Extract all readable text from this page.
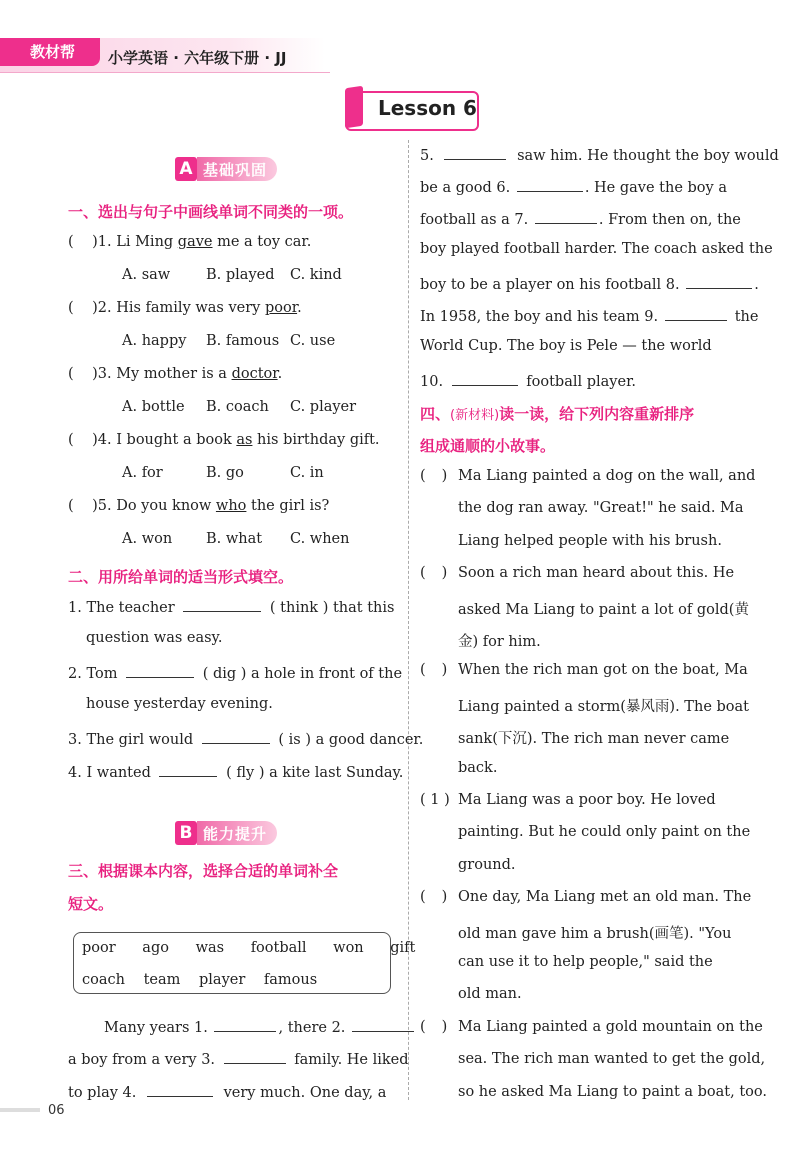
教材帮 小学英语 · 六年级下册 · JJ
Lesson 6
A 基础巩固
一、选出与句子中画线单词不同类的一项。
(    )1. Li Ming gave me a toy car.
A. saw B. played C. kind
(    )2. His family was very poor.
A. happy B. famous C. use
(    )3. My mother is a doctor.
A. bottle B. coach C. player
(    )4. I bought a book as his birthday gift.
A. for	B. go	C. in
(    )5. Do you know who the girl is?
A. won B. what C. when
二、用所给单词的适当形式填空。
1. The teacher	( think ) that this
question was easy.
2. Tom	( dig ) a hole in front of the
house yesterday evening.
3. The girl would	( is ) a good dancer.
4. I wanted	( fly ) a kite last Sunday.
B 能力提升
三、根据课本内容，选择合适的单词补全
短文。
poor ago was football won gift
coach team player famous
Many years 1.	, there 2.
a boy from a very 3.	family. He liked
to play 4.	very much. One day, a
5.	saw him. He thought the boy would
be a good 6.	. He gave the boy a
football as a 7.	. From then on, the
boy played football harder. The coach asked the
boy to be a player on his football 8.	.
In 1958, the boy and his team 9.	the
World Cup. The boy is Pele — the world
10.	football player.
四、(新材料)读一读，给下列内容重新排序
组成通顺的小故事。
( ) Ma Liang painted a dog on the wall, and
the dog ran away. "Great!" he said. Ma
Liang helped people with his brush.
( ) Soon a rich man heard about this. He
asked Ma Liang to paint a lot of gold(黄
金) for him.
( ) When the rich man got on the boat, Ma
Liang painted a storm(暴风雨). The boat
sank(下沉). The rich man never came
back.
( 1 ) Ma Liang was a poor boy. He loved
painting. But he could only paint on the
ground.
( ) One day, Ma Liang met an old man. The
old man gave him a brush(画笔). "You
can use it to help people," said the
old man.
( ) Ma Liang painted a gold mountain on the
sea. The rich man wanted to get the gold,
so he asked Ma Liang to paint a boat, too.
06
